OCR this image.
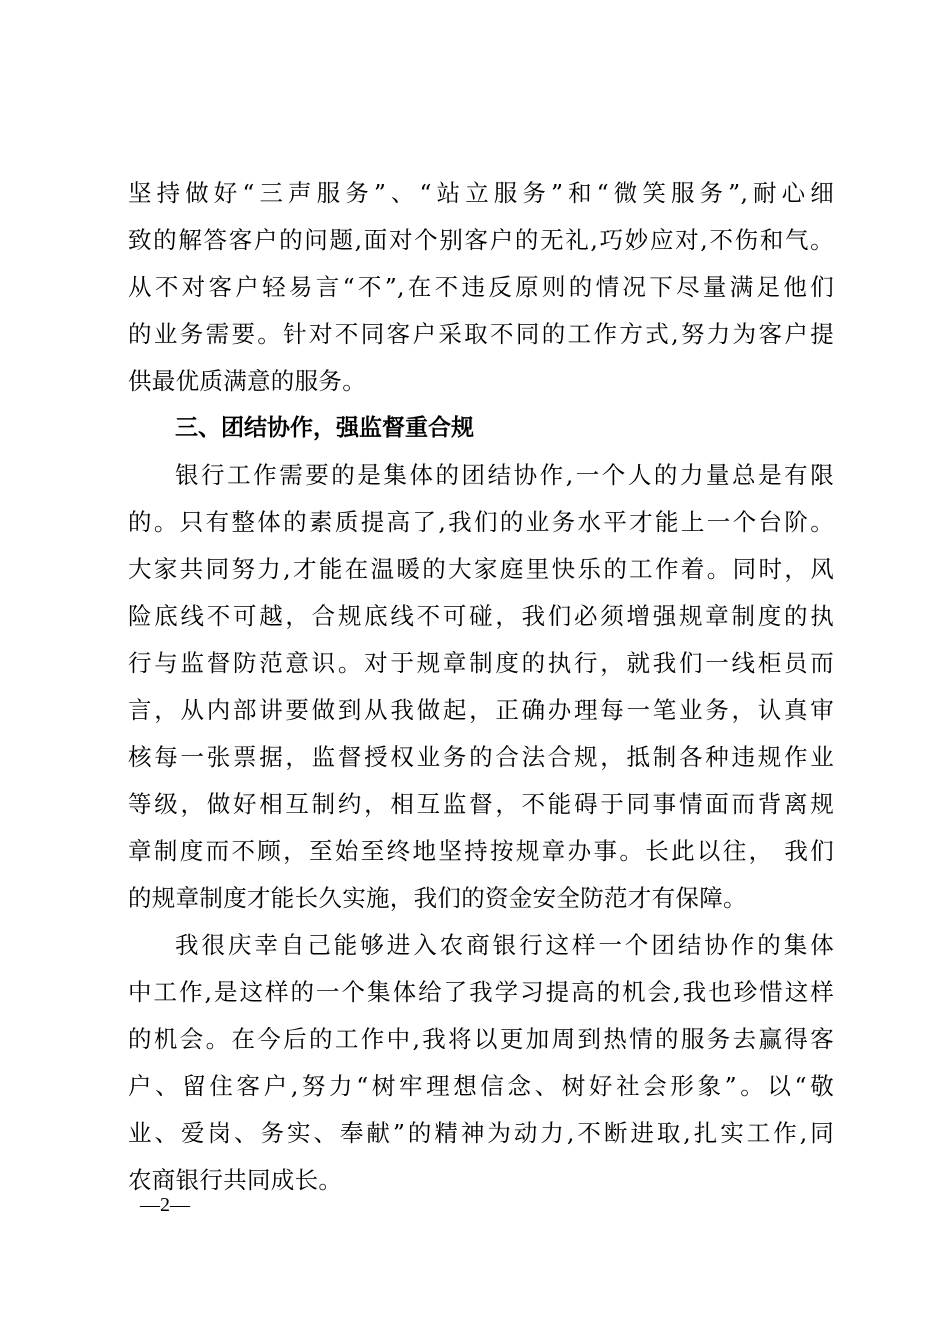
坚持做好“三声服务”、“站立服务”和“微笑服务”,耐心细
致的解答客户的问题,面对个别客户的无礼,巧妙应对,不伤和气。
从不对客户轻易言“不”,在不违反原则的情况下尽量满足他们
的业务需要。针对不同客户采取不同的工作方式,努力为客户提
供最优质满意的服务。
三、团结协作，强监督重合规
银行工作需要的是集体的团结协作,一个人的力量总是有限
的。只有整体的素质提高了,我们的业务水平才能上一个台阶。
大家共同努力,才能在温暖的大家庭里快乐的工作着。同时，风
险底线不可越，合规底线不可碰，我们必须增强规章制度的执
行与监督防范意识。对于规章制度的执行，就我们一线柜员而
言，从内部讲要做到从我做起，正确办理每一笔业务，认真审
核每一张票据，监督授权业务的合法合规，抵制各种违规作业
等级，做好相互制约，相互监督，不能碍于同事情面而背离规
章制度而不顾，至始至终地坚持按规章办事。长此以往， 我们
的规章制度才能长久实施，我们的资金安全防范才有保障。
我很庆幸自己能够进入农商银行这样一个团结协作的集体
中工作,是这样的一个集体给了我学习提高的机会,我也珍惜这样
的机会。在今后的工作中,我将以更加周到热情的服务去赢得客
户、留住客户,努力“树牢理想信念、树好社会形象”。以“敬
业、爱岗、务实、奉献”的精神为动力,不断进取,扎实工作,同
农商银行共同成长。
—2—
